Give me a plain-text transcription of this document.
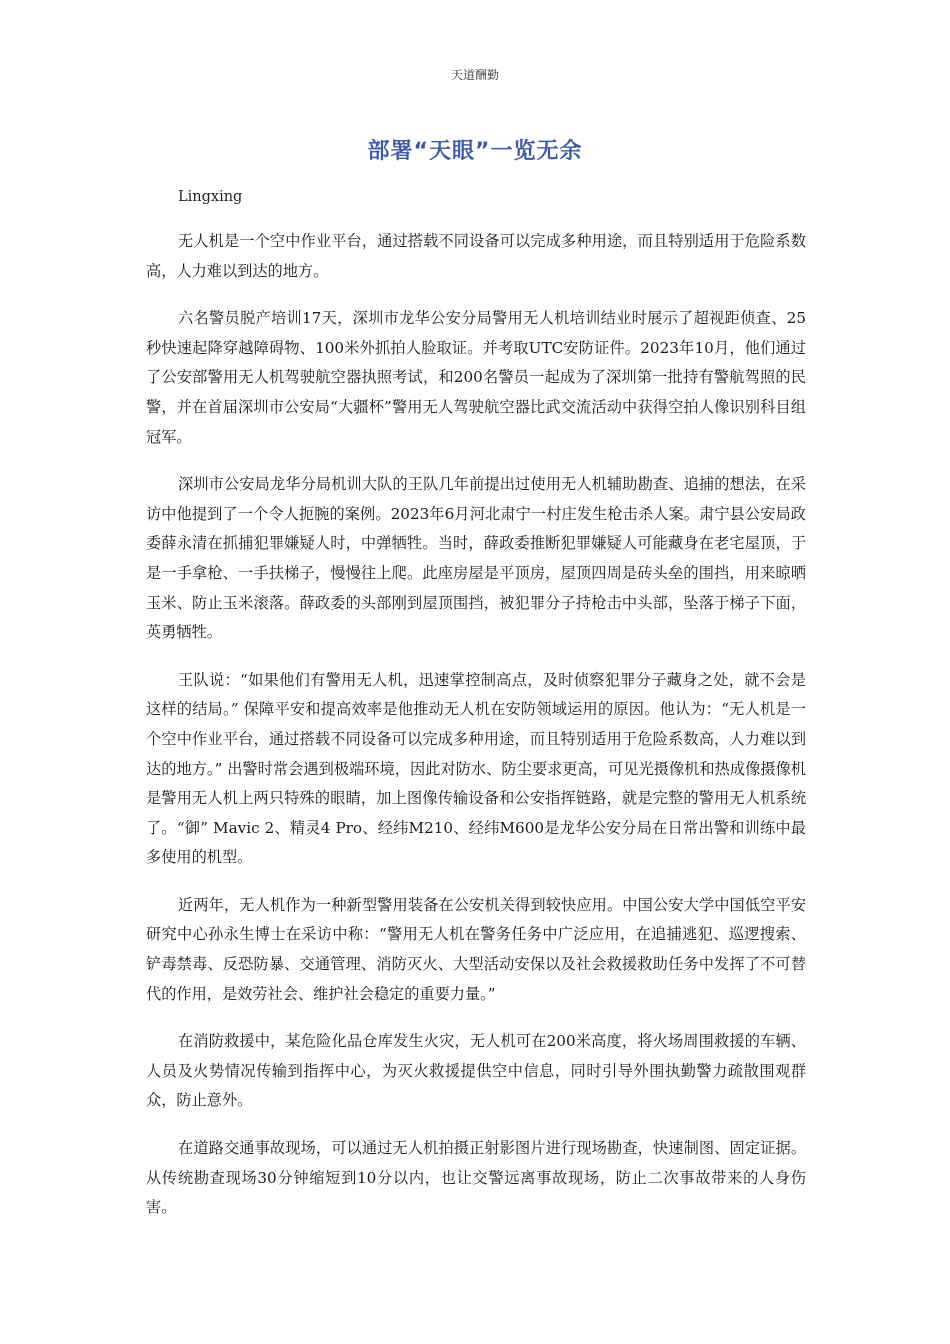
天道酬勤
部署“天眼”一览无余
Lingxing

无人机是一个空中作业平台，通过搭载不同设备可以完成多种用途，而且特别适用于危险系数高，人力难以到达的地方。

六名警员脱产培训17天，深圳市龙华公安分局警用无人机培训结业时展示了超视距侦查、25秒快速起降穿越障碍物、100米外抓拍人脸取证。并考取UTC安防证件。2023年10月，他们通过了公安部警用无人机驾驶航空器执照考试，和200名警员一起成为了深圳第一批持有警航驾照的民警，并在首届深圳市公安局“大疆杯”警用无人驾驶航空器比武交流活动中获得空拍人像识别科目组冠军。

深圳市公安局龙华分局机训大队的王队几年前提出过使用无人机辅助勘查、追捕的想法，在采访中他提到了一个令人扼腕的案例。2023年6月河北肃宁一村庄发生枪击杀人案。肃宁县公安局政委薛永清在抓捕犯罪嫌疑人时，中弹牺牲。当时，薛政委推断犯罪嫌疑人可能藏身在老宅屋顶，于是一手拿枪、一手扶梯子，慢慢往上爬。此座房屋是平顶房，屋顶四周是砖头垒的围挡，用来晾晒玉米、防止玉米滚落。薛政委的头部刚到屋顶围挡，被犯罪分子持枪击中头部，坠落于梯子下面，英勇牺牲。

王队说：“如果他们有警用无人机，迅速掌控制高点，及时侦察犯罪分子藏身之处，就不会是这样的结局。” 保障平安和提高效率是他推动无人机在安防领域运用的原因。他认为：“无人机是一个空中作业平台，通过搭载不同设备可以完成多种用途，而且特别适用于危险系数高，人力难以到达的地方。” 出警时常会遇到极端环境，因此对防水、防尘要求更高，可见光摄像机和热成像摄像机是警用无人机上两只特殊的眼睛，加上图像传输设备和公安指挥链路，就是完整的警用无人机系统了。“御” Mavic 2、精灵4 Pro、经纬M210、经纬M600是龙华公安分局在日常出警和训练中最多使用的机型。

近两年，无人机作为一种新型警用装备在公安机关得到较快应用。中国公安大学中国低空平安研究中心孙永生博士在采访中称：“警用无人机在警务任务中广泛应用，在追捕逃犯、巡逻搜索、铲毒禁毒、反恐防暴、交通管理、消防灭火、大型活动安保以及社会救援救助任务中发挥了不可替代的作用，是效劳社会、维护社会稳定的重要力量。”

在消防救援中，某危险化品仓库发生火灾，无人机可在200米高度，将火场周围救援的车辆、人员及火势情况传输到指挥中心，为灭火救援提供空中信息，同时引导外围执勤警力疏散围观群众，防止意外。

在道路交通事故现场，可以通过无人机拍摄正射影图片进行现场勘查，快速制图、固定证据。从传统勘查现场30分钟缩短到10分以内，也让交警远离事故现场，防止二次事故带来的人身伤害。
